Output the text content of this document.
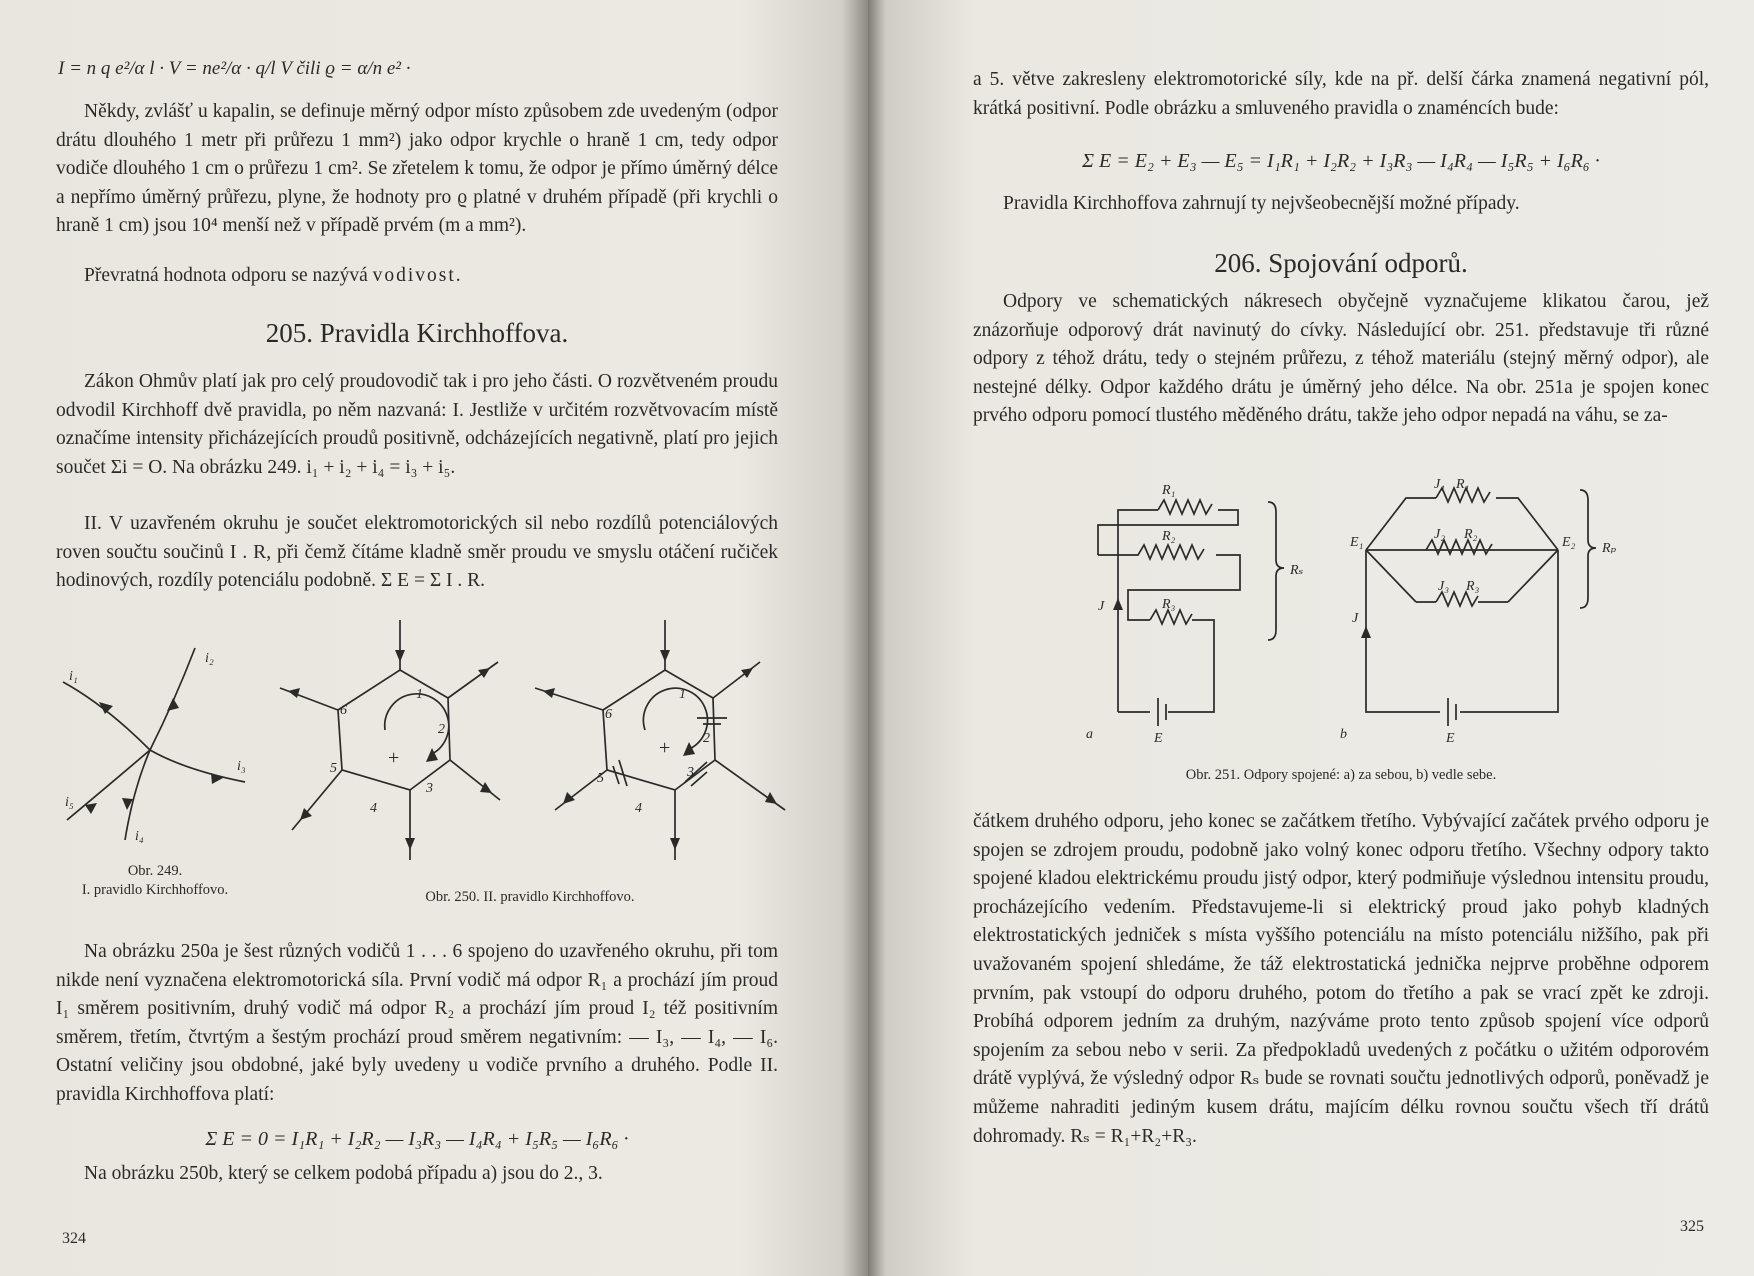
I = n q e²/α l · V = ne²/α · q/l V čili ϱ = α/n e² ·

Někdy, zvlášť u kapalin, se definuje měrný odpor místo způsobem zde uvedeným (odpor drátu dlouhého 1 metr při průřezu 1 mm²) jako odpor krychle o hraně 1 cm, tedy odpor vodiče dlouhého 1 cm o průřezu 1 cm². Se zřetelem k tomu, že odpor je přímo úměrný délce a nepřímo úměrný průřezu, plyne, že hodnoty pro ϱ platné v druhém případě (při krychli o hraně 1 cm) jsou 10⁴ menší než v případě prvém (m a mm²).

Převratná hodnota odporu se nazývá vodivost.

205. Pravidla Kirchhoffova.

Zákon Ohmův platí jak pro celý proudovodič tak i pro jeho části. O rozvětveném proudu odvodil Kirchhoff dvě pravidla, po něm nazvaná: I. Jestliže v určitém rozvětvovacím místě označíme intensity přicházejících proudů positivně, odcházejících negativně, platí pro jejich součet Σi = O. Na obrázku 249. i₁ + i₂ + i₄ = i₃ + i₅.

II. V uzavřeném okruhu je součet elektromotorických sil nebo rozdílů potenciálových roven součtu součinů I . R, při čemž čítáme kladně směr proudu ve smyslu otáčení ručiček hodinových, rozdíly potenciálu podobně. Σ E = Σ I . R.

i₂
i₁
i₃
i₅
i₄

Obr. 249.
I. pravidlo Kirchhoffovo.

1
2
3
4
5
6
+
1
2
3
4
5
6
+

Obr. 250. II. pravidlo Kirchhoffovo.

Na obrázku 250a je šest různých vodičů 1 . . . 6 spojeno do uzavřeného okruhu, při tom nikde není vyznačena elektromotorická síla. První vodič má odpor R₁ a prochází jím proud I₁ směrem positivním, druhý vodič má odpor R₂ a prochází jím proud I₂ též positivním směrem, třetím, čtvrtým a šestým prochází proud směrem negativním: — I₃, — I₄, — I₆. Ostatní veličiny jsou obdobné, jaké byly uvedeny u vodiče prvního a druhého. Podle II. pravidla Kirchhoffova platí:

Σ E = 0 = I₁R₁ + I₂R₂ — I₃R₃ — I₄R₄ + I₅R₅ — I₆R₆ ·

Na obrázku 250b, který se celkem podobá případu a) jsou do 2., 3.

324

a 5. větve zakresleny elektromotorické síly, kde na př. delší čárka znamená negativní pól, krátká positivní. Podle obrázku a smluveného pravidla o znaméncích bude:

Σ E = E₂ + E₃ — E₅ = I₁R₁ + I₂R₂ + I₃R₃ — I₄R₄ — I₅R₅ + I₆R₆ ·

Pravidla Kirchhoffova zahrnují ty nejvšeobecnější možné případy.

206. Spojování odporů.

Odpory ve schematických nákresech obyčejně vyznačujeme klikatou čarou, jež znázorňuje odporový drát navinutý do cívky. Následující obr. 251. představuje tři různé odpory z téhož drátu, tedy o stejném průřezu, z téhož materiálu (stejný měrný odpor), ale nestejné délky. Odpor každého drátu je úměrný jeho délce. Na obr. 251a je spojen konec prvého odporu pomocí tlustého měděného drátu, takže jeho odpor nepadá na váhu, se za-

R₁
R₂
R₃
Rₛ
J
E
a
J₁ R₁
J₂ R₂
J₃ R₃
E₁	E₂ Rₚ
J
E
b

Obr. 251. Odpory spojené: a) za sebou, b) vedle sebe.

čátkem druhého odporu, jeho konec se začátkem třetího. Vybývající začátek prvého odporu je spojen se zdrojem proudu, podobně jako volný konec odporu třetího. Všechny odpory takto spojené kladou elektrickému proudu jistý odpor, který podmiňuje výslednou intensitu proudu, procházejícího vedením. Představujeme-li si elektrický proud jako pohyb kladných elektrostatických jedniček s místa vyššího potenciálu na místo potenciálu nižšího, pak při uvažovaném spojení shledáme, že táž elektrostatická jednička nejprve proběhne odporem prvním, pak vstoupí do odporu druhého, potom do třetího a pak se vrací zpět ke zdroji. Probíhá odporem jedním za druhým, nazýváme proto tento způsob spojení více odporů spojením za sebou nebo v serii. Za předpokladů uvedených z počátku o užitém odporovém drátě vyplývá, že výsledný odpor Rₛ bude se rovnati součtu jednotlivých odporů, poněvadž je můžeme nahraditi jediným kusem drátu, majícím délku rovnou součtu všech tří drátů dohromady. Rₛ = R₁+R₂+R₃.

325
